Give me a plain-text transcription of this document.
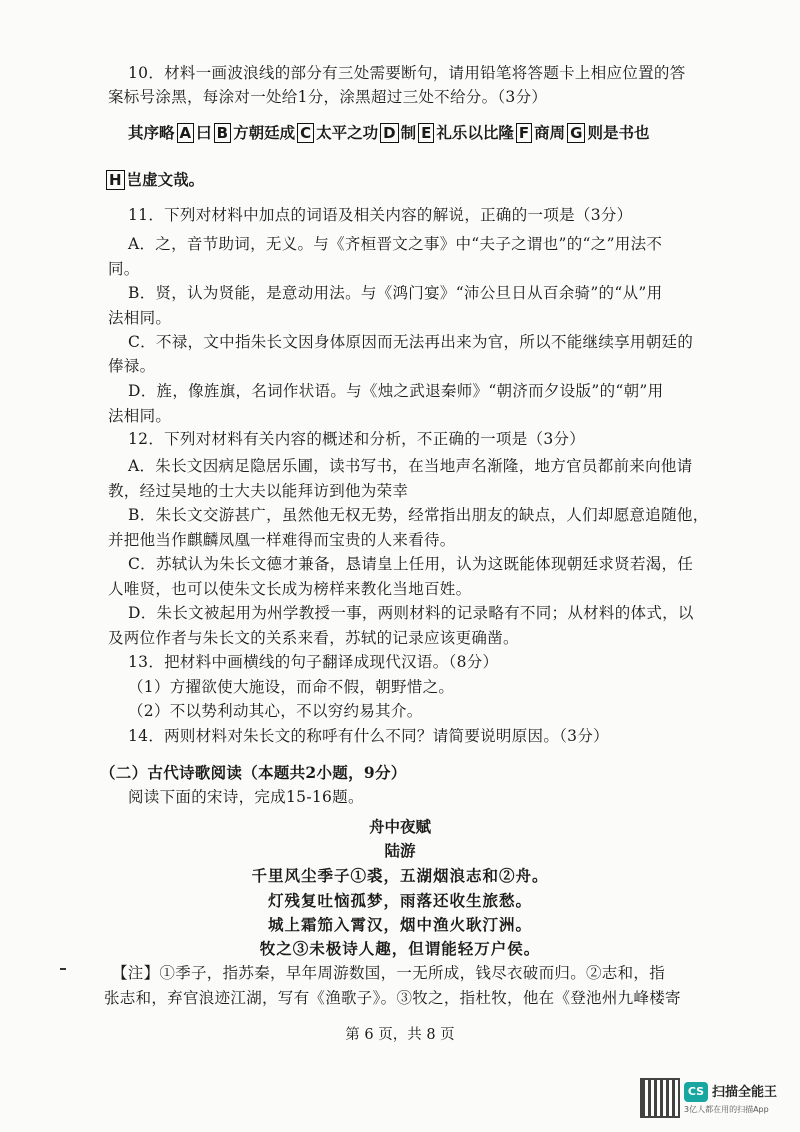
10．材料一画波浪线的部分有三处需要断句，请用铅笔将答题卡上相应位置的答
案标号涂黑，每涂对一处给1分，涂黑超过三处不给分。（3分）
其序略 A 曰 B 方朝廷成 C 太平之功 D 制 E 礼乐以比隆 F 商周 G 则是书也
H 岂虚文哉。
11．下列对材料中加点的词语及相关内容的解说，正确的一项是（3分）
A．之，音节助词，无义。与《齐桓晋文之事》中“夫子之谓也”的“之”用法不
同。
B．贤，认为贤能，是意动用法。与《鸿门宴》“沛公旦日从百余骑”的“从”用
法相同。
C．不禄，文中指朱长文因身体原因而无法再出来为官，所以不能继续享用朝廷的
俸禄。
D．旌，像旌旗，名词作状语。与《烛之武退秦师》“朝济而夕设版”的“朝”用
法相同。
12．下列对材料有关内容的概述和分析，不正确的一项是（3分）
A．朱长文因病足隐居乐圃，读书写书，在当地声名渐隆，地方官员都前来向他请
教，经过吴地的士大夫以能拜访到他为荣幸
B．朱长文交游甚广，虽然他无权无势，经常指出朋友的缺点，人们却愿意追随他，
并把他当作麒麟凤凰一样难得而宝贵的人来看待。
C．苏轼认为朱长文德才兼备，恳请皇上任用，认为这既能体现朝廷求贤若渴，任
人唯贤，也可以使朱文长成为榜样来教化当地百姓。
D．朱长文被起用为州学教授一事，两则材料的记录略有不同；从材料的体式，以
及两位作者与朱长文的关系来看，苏轼的记录应该更确凿。
13．把材料中画横线的句子翻译成现代汉语。（8分）
（1）方擢欲使大施设，而命不假，朝野惜之。
（2）不以势利动其心，不以穷约易其介。
14．两则材料对朱长文的称呼有什么不同？请简要说明原因。（3分）
（二）古代诗歌阅读（本题共2小题，9分）
阅读下面的宋诗，完成15-16题。
舟中夜赋
陆游
千里风尘季子①裘，五湖烟浪志和②舟。
灯残复吐恼孤梦，雨落还收生旅愁。
城上霜笳入霄汉，烟中渔火耿汀洲。
牧之③未极诗人趣，但谓能轻万户侯。
【注】①季子，指苏秦，早年周游数国，一无所成，钱尽衣破而归。②志和，指
张志和，弃官浪迹江湖，写有《渔歌子》。③牧之，指杜牧，他在《登池州九峰楼寄
第 6 页，共 8 页
CS 扫描全能王
3亿人都在用的扫描App
